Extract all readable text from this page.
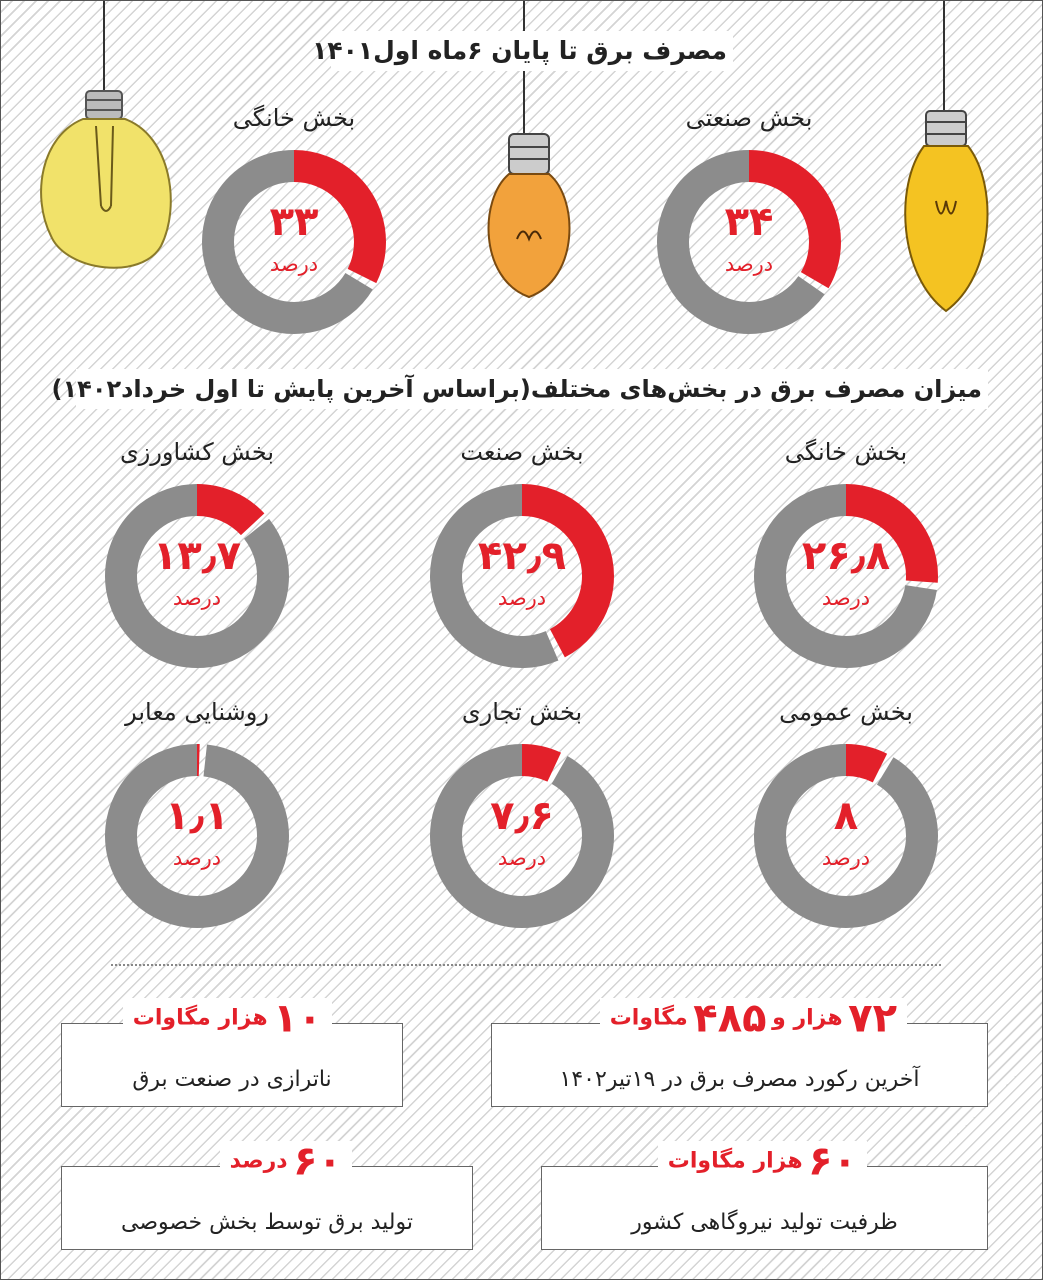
مصرف برق تا پایان ۶ماه اول۱۴۰۱
میزان مصرف برق در بخش‌های مختلف(براساس آخرین پایش تا اول خرداد۱۴۰۲)
بخش خانگی
۳۳
درصد
بخش صنعتی
۳۴
درصد
بخش خانگی
۲۶٫۸
درصد
بخش صنعت
۴۲٫۹
درصد
بخش کشاورزی
۱۳٫۷
درصد
بخش عمومی
۸
درصد
بخش تجاری
۷٫۶
درصد
روشنایی معابر
۱٫۱
درصد
۷۲ هزار و ۴۸۵ مگاوات
آخرین رکورد مصرف برق در ۱۹تیر۱۴۰۲
۱۰ هزار مگاوات
ناترازی در صنعت برق
۶۰ هزار مگاوات
ظرفیت تولید نیروگاهی کشور
۶۰ درصد
تولید برق توسط بخش خصوصی
